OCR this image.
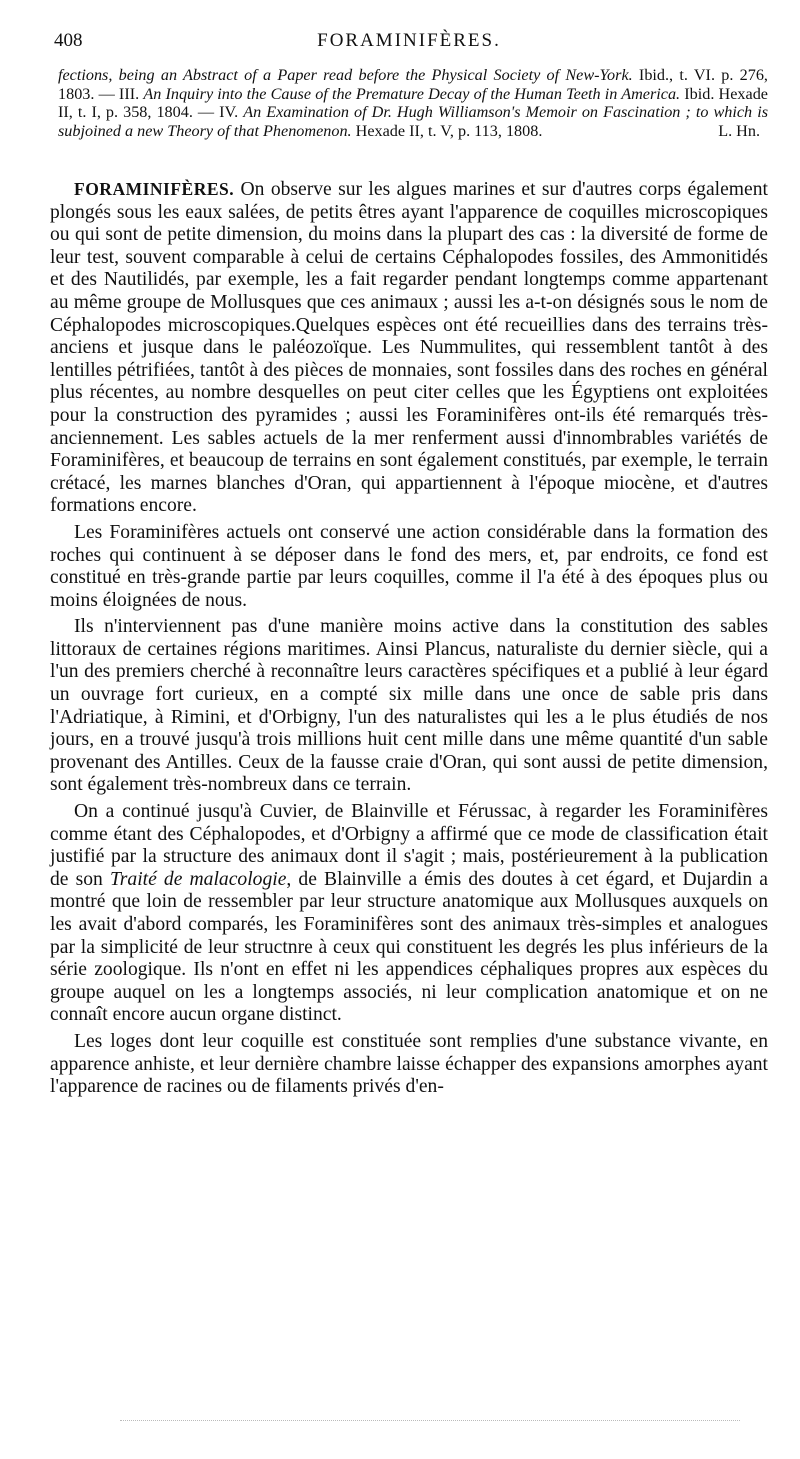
408	FORAMINIFÈRES.
fections, being an Abstract of a Paper read before the Physical Society of New-York. Ibid., t. VI. p. 276, 1803. — III. An Inquiry into the Cause of the Premature Decay of the Human Teeth in America. Ibid. Hexade II, t. I, p. 358, 1804. — IV. An Examination of Dr. Hugh Williamson's Memoir on Fascination ; to which is subjoined a new Theory of that Phenomenon. Hexade II, t. V, p. 113, 1808.	L. Hn.

FORAMINIFÈRES. On observe sur les algues marines et sur d'autres corps également plongés sous les eaux salées, de petits êtres ayant l'apparence de coquilles microscopiques ou qui sont de petite dimension, du moins dans la plupart des cas : la diversité de forme de leur test, souvent comparable à celui de certains Céphalopodes fossiles, des Ammonitidés et des Nautilidés, par exemple, les a fait regarder pendant longtemps comme appartenant au même groupe de Mollusques que ces animaux ; aussi les a-t-on désignés sous le nom de Céphalopodes microscopiques.Quelques espèces ont été recueillies dans des terrains très-anciens et jusque dans le paléozoïque. Les Nummulites, qui ressemblent tantôt à des lentilles pétrifiées, tantôt à des pièces de monnaies, sont fossiles dans des roches en général plus récentes, au nombre desquelles on peut citer celles que les Égyptiens ont exploitées pour la construction des pyramides ; aussi les Foraminifères ont-ils été remarqués très-anciennement. Les sables actuels de la mer renferment aussi d'innombrables variétés de Foraminifères, et beaucoup de terrains en sont également constitués, par exemple, le terrain crétacé, les marnes blanches d'Oran, qui appartiennent à l'époque miocène, et d'autres formations encore.

Les Foraminifères actuels ont conservé une action considérable dans la formation des roches qui continuent à se déposer dans le fond des mers, et, par endroits, ce fond est constitué en très-grande partie par leurs coquilles, comme il l'a été à des époques plus ou moins éloignées de nous.

Ils n'interviennent pas d'une manière moins active dans la constitution des sables littoraux de certaines régions maritimes. Ainsi Plancus, naturaliste du dernier siècle, qui a l'un des premiers cherché à reconnaître leurs caractères spécifiques et a publié à leur égard un ouvrage fort curieux, en a compté six mille dans une once de sable pris dans l'Adriatique, à Rimini, et d'Orbigny, l'un des naturalistes qui les a le plus étudiés de nos jours, en a trouvé jusqu'à trois millions huit cent mille dans une même quantité d'un sable provenant des Antilles. Ceux de la fausse craie d'Oran, qui sont aussi de petite dimension, sont également très-nombreux dans ce terrain.

On a continué jusqu'à Cuvier, de Blainville et Férussac, à regarder les Foraminifères comme étant des Céphalopodes, et d'Orbigny a affirmé que ce mode de classification était justifié par la structure des animaux dont il s'agit ; mais, postérieurement à la publication de son Traité de malacologie, de Blainville a émis des doutes à cet égard, et Dujardin a montré que loin de ressembler par leur structure anatomique aux Mollusques auxquels on les avait d'abord comparés, les Foraminifères sont des animaux très-simples et analogues par la simplicité de leur structnre à ceux qui constituent les degrés les plus inférieurs de la série zoologique. Ils n'ont en effet ni les appendices céphaliques propres aux espèces du groupe auquel on les a longtemps associés, ni leur complication anatomique et on ne connaît encore aucun organe distinct.

Les loges dont leur coquille est constituée sont remplies d'une substance vivante, en apparence anhiste, et leur dernière chambre laisse échapper des expansions amorphes ayant l'apparence de racines ou de filaments privés d'en-
